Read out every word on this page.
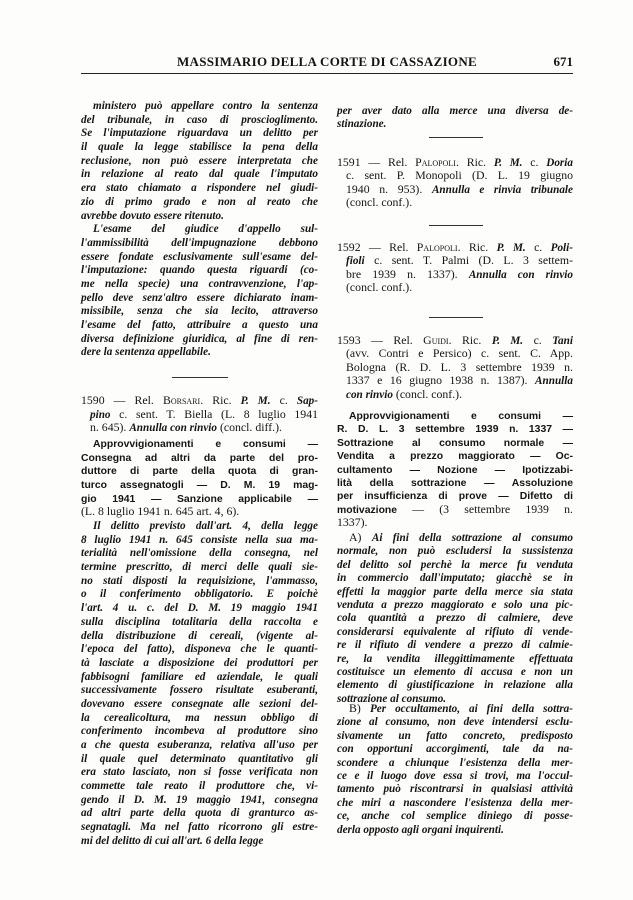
MASSIMARIO DELLA CORTE DI CASSAZIONE	671
ministero può appellare contro la sentenza
del tribunale, in caso di proscioglimento.
Se l'imputazione riguardava un delitto per
il quale la legge stabilisce la pena della
reclusione, non può essere interpretata che
in relazione al reato dal quale l'imputato
era stato chiamato a rispondere nel giudi-
zio di primo grado e non al reato che
avrebbe dovuto essere ritenuto.
L'esame del giudice d'appello sul-
l'ammissibilità dell'impugnazione debbono
essere fondate esclusivamente sull'esame del-
l'imputazione: quando questa riguardi (co-
me nella specie) una contravvenzione, l'ap-
pello deve senz'altro essere dichiarato inam-
missibile, senza che sia lecito, attraverso
l'esame del fatto, attribuire a questo una
diversa definizione giuridica, al fine di ren-
dere la sentenza appellabile.
1590 — Rel. Borsari. Ric. P. M. c. Sap-
pino c. sent. T. Biella (L. 8 luglio 1941
n. 645). Annulla con rinvio (concl. diff.).
Approvvigionamenti e consumi —
Consegna ad altri da parte del pro-
duttore di parte della quota di gran-
turco assegnatogli — D. M. 19 mag-
gio 1941 — Sanzione applicabile —
(L. 8 luglio 1941 n. 645 art. 4, 6).
Il delitto previsto dall'art. 4, della legge
8 luglio 1941 n. 645 consiste nella sua ma-
terialità nell'omissione della consegna, nel
termine prescritto, di merci delle quali sie-
no stati disposti la requisizione, l'ammasso,
o il conferimento obbligatorio. E poichè
l'art. 4 u. c. del D. M. 19 maggio 1941
sulla disciplina totalitaria della raccolta e
della distribuzione di cereali, (vigente al-
l'epoca del fatto), disponeva che le quanti-
tà lasciate a disposizione dei produttori per
fabbisogni familiare ed aziendale, le quali
successivamente fossero risultate esuberanti,
dovevano essere consegnate alle sezioni del-
la cerealicoltura, ma nessun obbligo di
conferimento incombeva al produttore sino
a che questa esuberanza, relativa all'uso per
il quale quel determinato quantitativo gli
era stato lasciato, non si fosse verificata non
commette tale reato il produttore che, vi-
gendo il D. M. 19 maggio 1941, consegna
ad altri parte della quota di granturco as-
segnatagli. Ma nel fatto ricorrono gli estre-
mi del delitto di cui all'art. 6 della legge
per aver dato alla merce una diversa de-
stinazione.
1591 — Rel. Palopoli. Ric. P. M. c. Doria
c. sent. P. Monopoli (D. L. 19 giugno
1940 n. 953). Annulla e rinvia tribunale
(concl. conf.).
1592 — Rel. Palopoli. Ric. P. M. c. Poli-
fioli c. sent. T. Palmi (D. L. 3 settem-
bre 1939 n. 1337). Annulla con rinvio
(concl. conf.).
1593 — Rel. Guidi. Ric. P. M. c. Tani
(avv. Contri e Persico) c. sent. C. App.
Bologna (R. D. L. 3 settembre 1939 n.
1337 e 16 giugno 1938 n. 1387). Annulla
con rinvio (concl. conf.).
Approvvigionamenti e consumi —
R. D. L. 3 settembre 1939 n. 1337 —
Sottrazione al consumo normale —
Vendita a prezzo maggiorato — Oc-
cultamento — Nozione — Ipotizzabi-
lità della sottrazione — Assoluzione
per insufficienza di prove — Difetto di
motivazione — (3 settembre 1939 n.
1337).
A) Ai fini della sottrazione al consumo
normale, non può escludersi la sussistenza
del delitto sol perchè la merce fu venduta
in commercio dall'imputato; giacchè se in
effetti la maggior parte della merce sia stata
venduta a prezzo maggiorato e solo una pic-
cola quantità a prezzo di calmiere, deve
considerarsi equivalente al rifiuto di vende-
re il rifiuto di vendere a prezzo di calmie-
re, la vendita illeggittimamente effettuata
costituisce un elemento di accusa e non un
elemento di giustificazione in relazione alla
sottrazione al consumo.
B) Per occultamento, ai fini della sottra-
zione al consumo, non deve intendersi esclu-
sivamente un fatto concreto, predisposto
con opportuni accorgimenti, tale da na-
scondere a chiunque l'esistenza della mer-
ce e il luogo dove essa si trovi, ma l'occul-
tamento può riscontrarsi in qualsiasi attività
che miri a nascondere l'esistenza della mer-
ce, anche col semplice diniego di posse-
derla opposto agli organi inquirenti.
